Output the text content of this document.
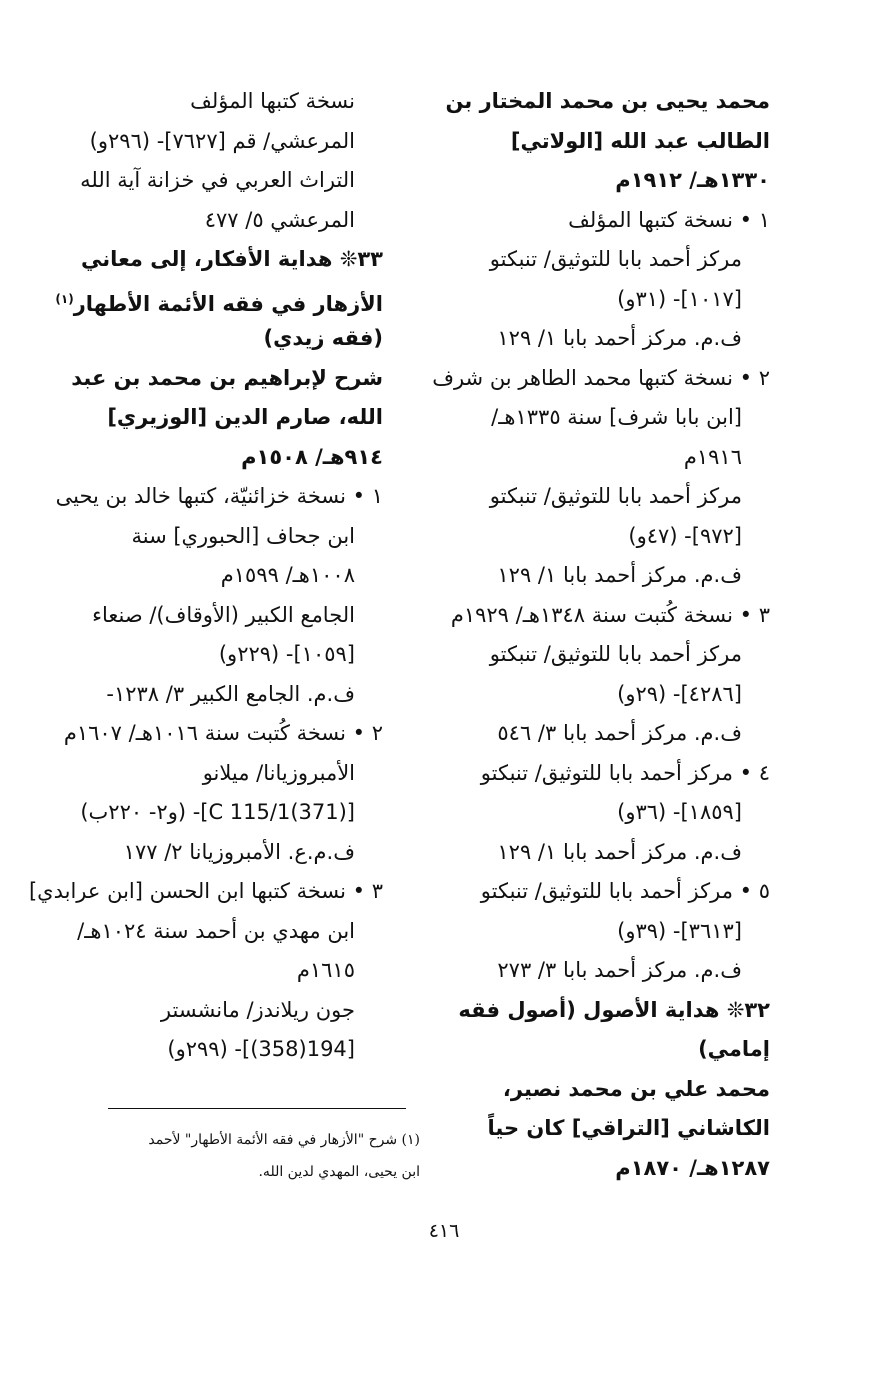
محمد يحيى بن محمد المختار بن
الطالب عبد الله [الولاتي]
١٣٣٠هـ/ ١٩١٢م
١ • نسخة كتبها المؤلف
مركز أحمد بابا للتوثيق/ تنبكتو
[١٠١٧]- (٣١و)
ف.م. مركز أحمد بابا ١/ ١٢٩
٢ • نسخة كتبها محمد الطاهر بن شرف
[ابن بابا شرف] سنة ١٣٣٥هـ/
١٩١٦م
مركز أحمد بابا للتوثيق/ تنبكتو
[٩٧٢]- (٤٧و)
ف.م. مركز أحمد بابا ١/ ١٢٩
٣ • نسخة كُتبت سنة ١٣٤٨هـ/ ١٩٢٩م
مركز أحمد بابا للتوثيق/ تنبكتو
[٤٢٨٦]- (٢٩و)
ف.م. مركز أحمد بابا ٣/ ٥٤٦
٤ • مركز أحمد بابا للتوثيق/ تنبكتو
[١٨٥٩]- (٣٦و)
ف.م. مركز أحمد بابا ١/ ١٢٩
٥ • مركز أحمد بابا للتوثيق/ تنبكتو
[٣٦١٣]- (٣٩و)
ف.م. مركز أحمد بابا ٣/ ٢٧٣
٣٢❊ هداية الأصول (أصول فقه
إمامي)
محمد علي بن محمد نصير،
الكاشاني [التراقي] كان حياً
١٢٨٧هـ/ ١٨٧٠م
نسخة كتبها المؤلف
المرعشي/ قم [٧٦٢٧]- (٢٩٦و)
التراث العربي في خزانة آية الله
المرعشي ٥/ ٤٧٧
٣٣❊ هداية الأفكار، إلى معاني
الأزهار في فقه الأئمة الأطهار$^{(١)}$
(فقه زيدي)
شرح لإبراهيم بن محمد بن عبد
الله، صارم الدين [الوزيري]
٩١٤هـ/ ١٥٠٨م
١ • نسخة خزائنيّة، كتبها خالد بن يحيى
ابن جحاف [الحبوري] سنة
١٠٠٨هـ/ ١٥٩٩م
الجامع الكبير (الأوقاف)/ صنعاء
[١٠٥٩]- (٢٢٩و)
ف.م. الجامع الكبير ٣/ ١٢٣٨-
٢ • نسخة كُتبت سنة ١٠١٦هـ/ ١٦٠٧م
الأمبروزيانا/ ميلانو
[C 115/1(371)]- (و٢- ٢٢٠ب)
ف.م.ع. الأمبروزيانا ٢/ ١٧٧
٣ • نسخة كتبها ابن الحسن [ابن عرابدي]
ابن مهدي بن أحمد سنة ١٠٢٤هـ/
١٦١٥م
جون ريلاندز/ مانشستر
[194(358)]- (٢٩٩و)
(١) شرح "الأزهار في فقه الأئمة الأطهار" لأحمد
ابن يحيى، المهدي لدين الله.
٤١٦
